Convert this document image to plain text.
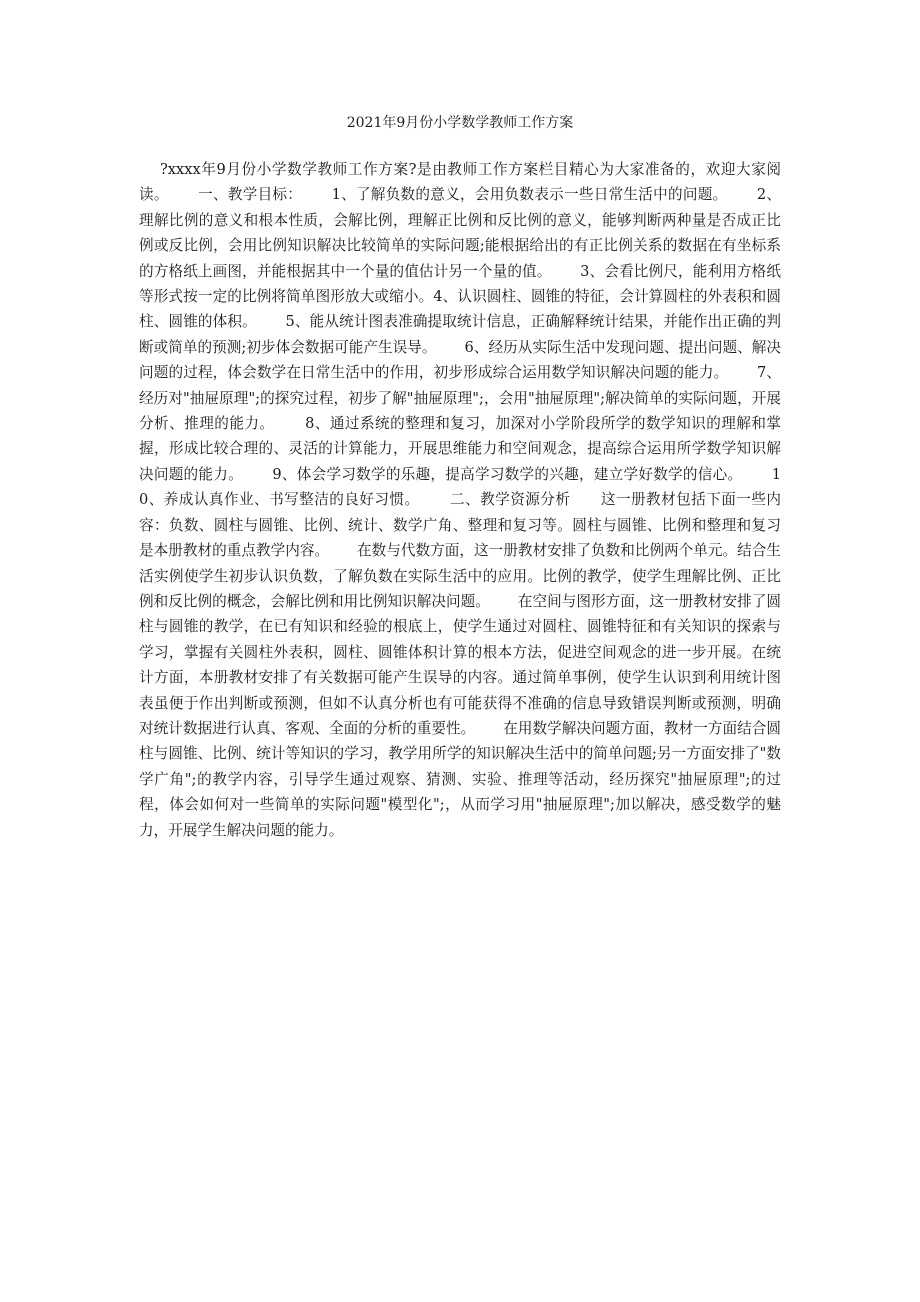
2021年9月份小学数学教师工作方案

?xxxx年9月份小学数学教师工作方案?是由教师工作方案栏目精心为大家准备的，欢迎大家阅读。      一、教学目标：      1、了解负数的意义，会用负数表示一些日常生活中的问题。      2、理解比例的意义和根本性质，会解比例，理解正比例和反比例的意义，能够判断两种量是否成正比例或反比例，会用比例知识解决比较简单的实际问题;能根据给出的有正比例关系的数据在有坐标系的方格纸上画图，并能根据其中一个量的值估计另一个量的值。      3、会看比例尺，能利用方格纸等形式按一定的比例将简单图形放大或缩小。4、认识圆柱、圆锥的特征，会计算圆柱的外表积和圆柱、圆锥的体积。      5、能从统计图表准确提取统计信息，正确解释统计结果，并能作出正确的判断或简单的预测;初步体会数据可能产生误导。      6、经历从实际生活中发现问题、提出问题、解决问题的过程，体会数学在日常生活中的作用，初步形成综合运用数学知识解决问题的能力。      7、经历对"抽屉原理";的探究过程，初步了解"抽屉原理";，会用"抽屉原理";解决简单的实际问题，开展分析、推理的能力。      8、通过系统的整理和复习，加深对小学阶段所学的数学知识的理解和掌握，形成比较合理的、灵活的计算能力，开展思维能力和空间观念，提高综合运用所学数学知识解决问题的能力。      9、体会学习数学的乐趣，提高学习数学的兴趣，建立学好数学的信心。      10、养成认真作业、书写整洁的良好习惯。      二、教学资源分析      这一册教材包括下面一些内容：负数、圆柱与圆锥、比例、统计、数学广角、整理和复习等。圆柱与圆锥、比例和整理和复习是本册教材的重点教学内容。      在数与代数方面，这一册教材安排了负数和比例两个单元。结合生活实例使学生初步认识负数，了解负数在实际生活中的应用。比例的教学，使学生理解比例、正比例和反比例的概念，会解比例和用比例知识解决问题。      在空间与图形方面，这一册教材安排了圆柱与圆锥的教学，在已有知识和经验的根底上，使学生通过对圆柱、圆锥特征和有关知识的探索与学习，掌握有关圆柱外表积，圆柱、圆锥体积计算的根本方法，促进空间观念的进一步开展。在统计方面，本册教材安排了有关数据可能产生误导的内容。通过简单事例，使学生认识到利用统计图表虽便于作出判断或预测，但如不认真分析也有可能获得不准确的信息导致错误判断或预测，明确对统计数据进行认真、客观、全面的分析的重要性。      在用数学解决问题方面，教材一方面结合圆柱与圆锥、比例、统计等知识的学习，教学用所学的知识解决生活中的简单问题;另一方面安排了"数学广角";的教学内容，引导学生通过观察、猜测、实验、推理等活动，经历探究"抽屉原理";的过程，体会如何对一些简单的实际问题"模型化";，从而学习用"抽屉原理";加以解决，感受数学的魅力，开展学生解决问题的能力。
